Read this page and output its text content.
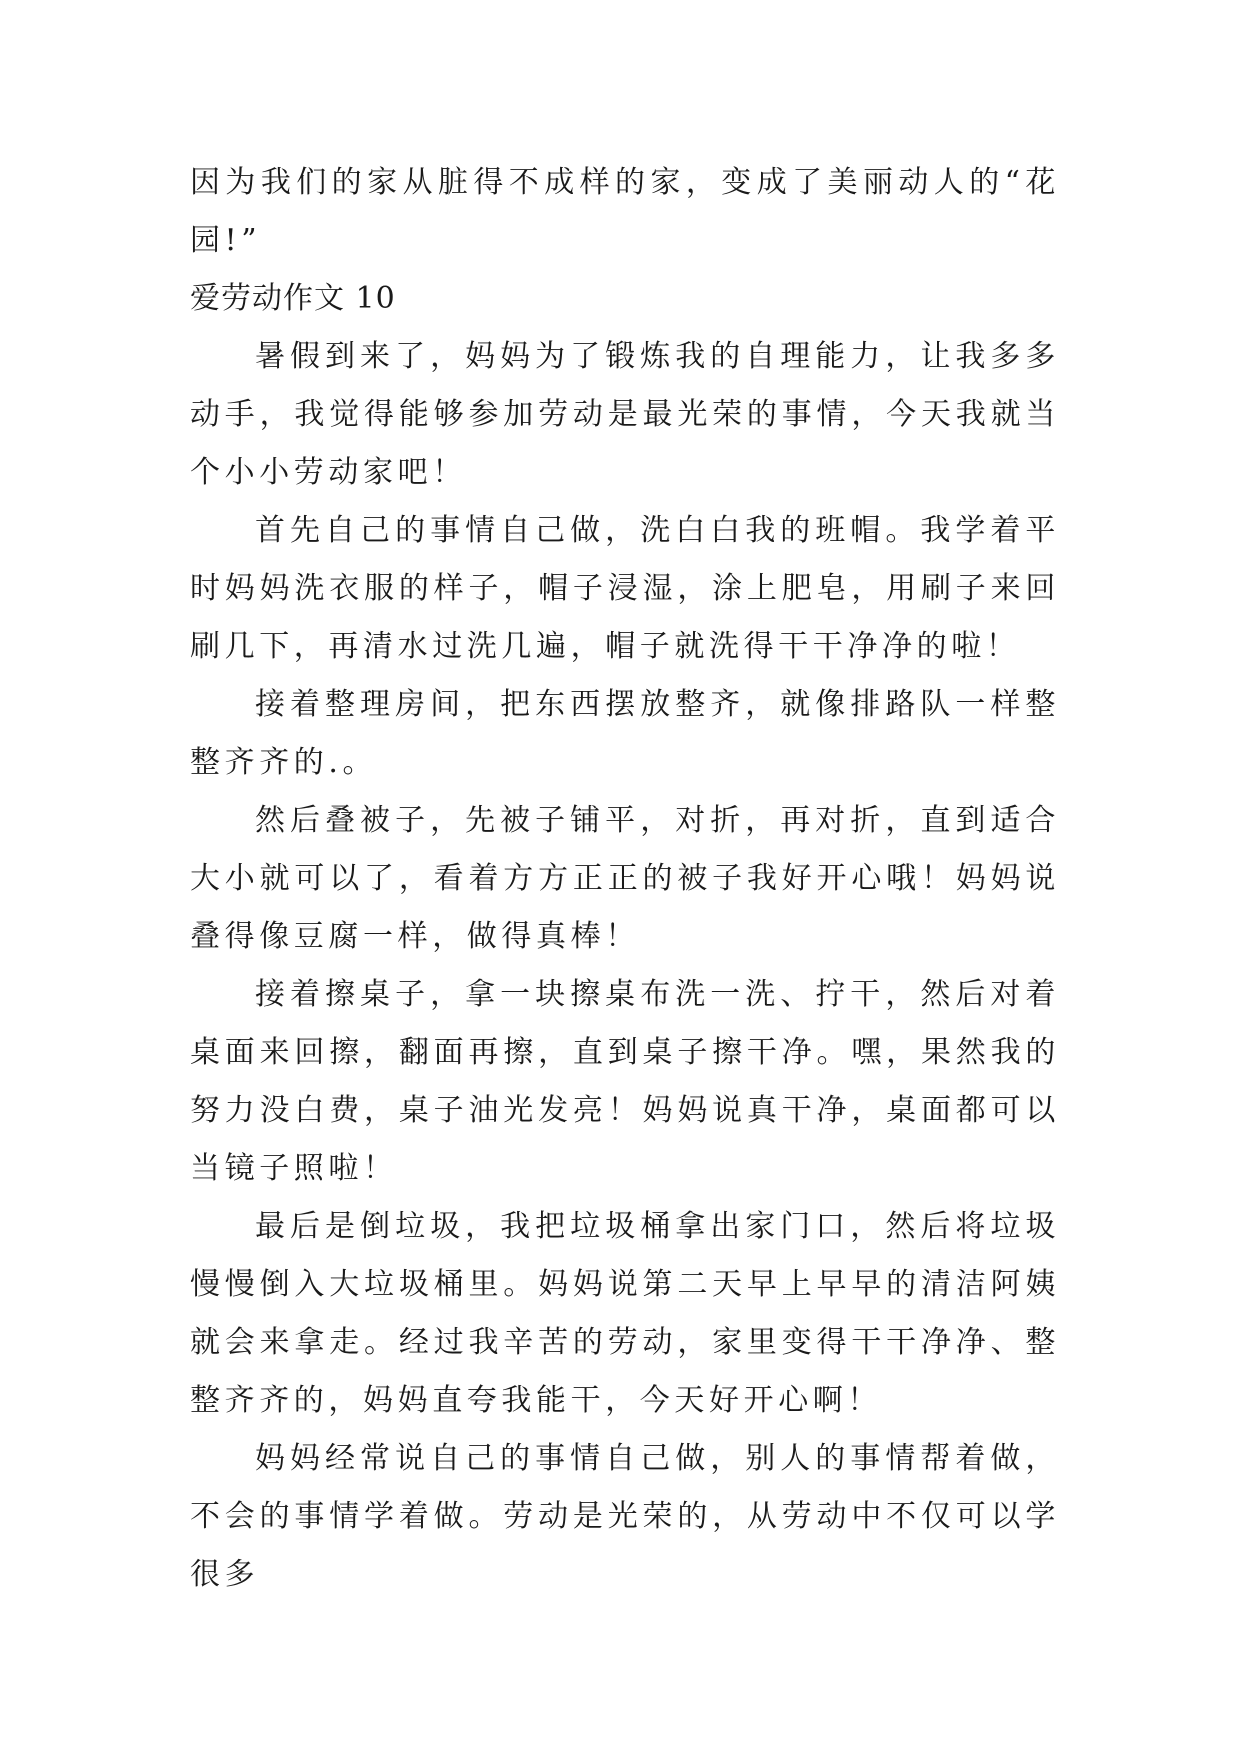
因为我们的家从脏得不成样的家，变成了美丽动人的“花园!”

爱劳动作文 10

暑假到来了，妈妈为了锻炼我的自理能力，让我多多动手，我觉得能够参加劳动是最光荣的事情，今天我就当个小小劳动家吧！

首先自己的事情自己做，洗白白我的班帽。我学着平时妈妈洗衣服的样子，帽子浸湿，涂上肥皂，用刷子来回刷几下，再清水过洗几遍，帽子就洗得干干净净的啦！

接着整理房间，把东西摆放整齐，就像排路队一样整整齐齐的.。

然后叠被子，先被子铺平，对折，再对折，直到适合大小就可以了，看着方方正正的被子我好开心哦！妈妈说叠得像豆腐一样，做得真棒！

接着擦桌子，拿一块擦桌布洗一洗、拧干，然后对着桌面来回擦，翻面再擦，直到桌子擦干净。嘿，果然我的努力没白费，桌子油光发亮！妈妈说真干净，桌面都可以当镜子照啦！

最后是倒垃圾，我把垃圾桶拿出家门口，然后将垃圾慢慢倒入大垃圾桶里。妈妈说第二天早上早早的清洁阿姨就会来拿走。经过我辛苦的劳动，家里变得干干净净、整整齐齐的，妈妈直夸我能干，今天好开心啊！

妈妈经常说自己的事情自己做，别人的事情帮着做，不会的事情学着做。劳动是光荣的，从劳动中不仅可以学很多
